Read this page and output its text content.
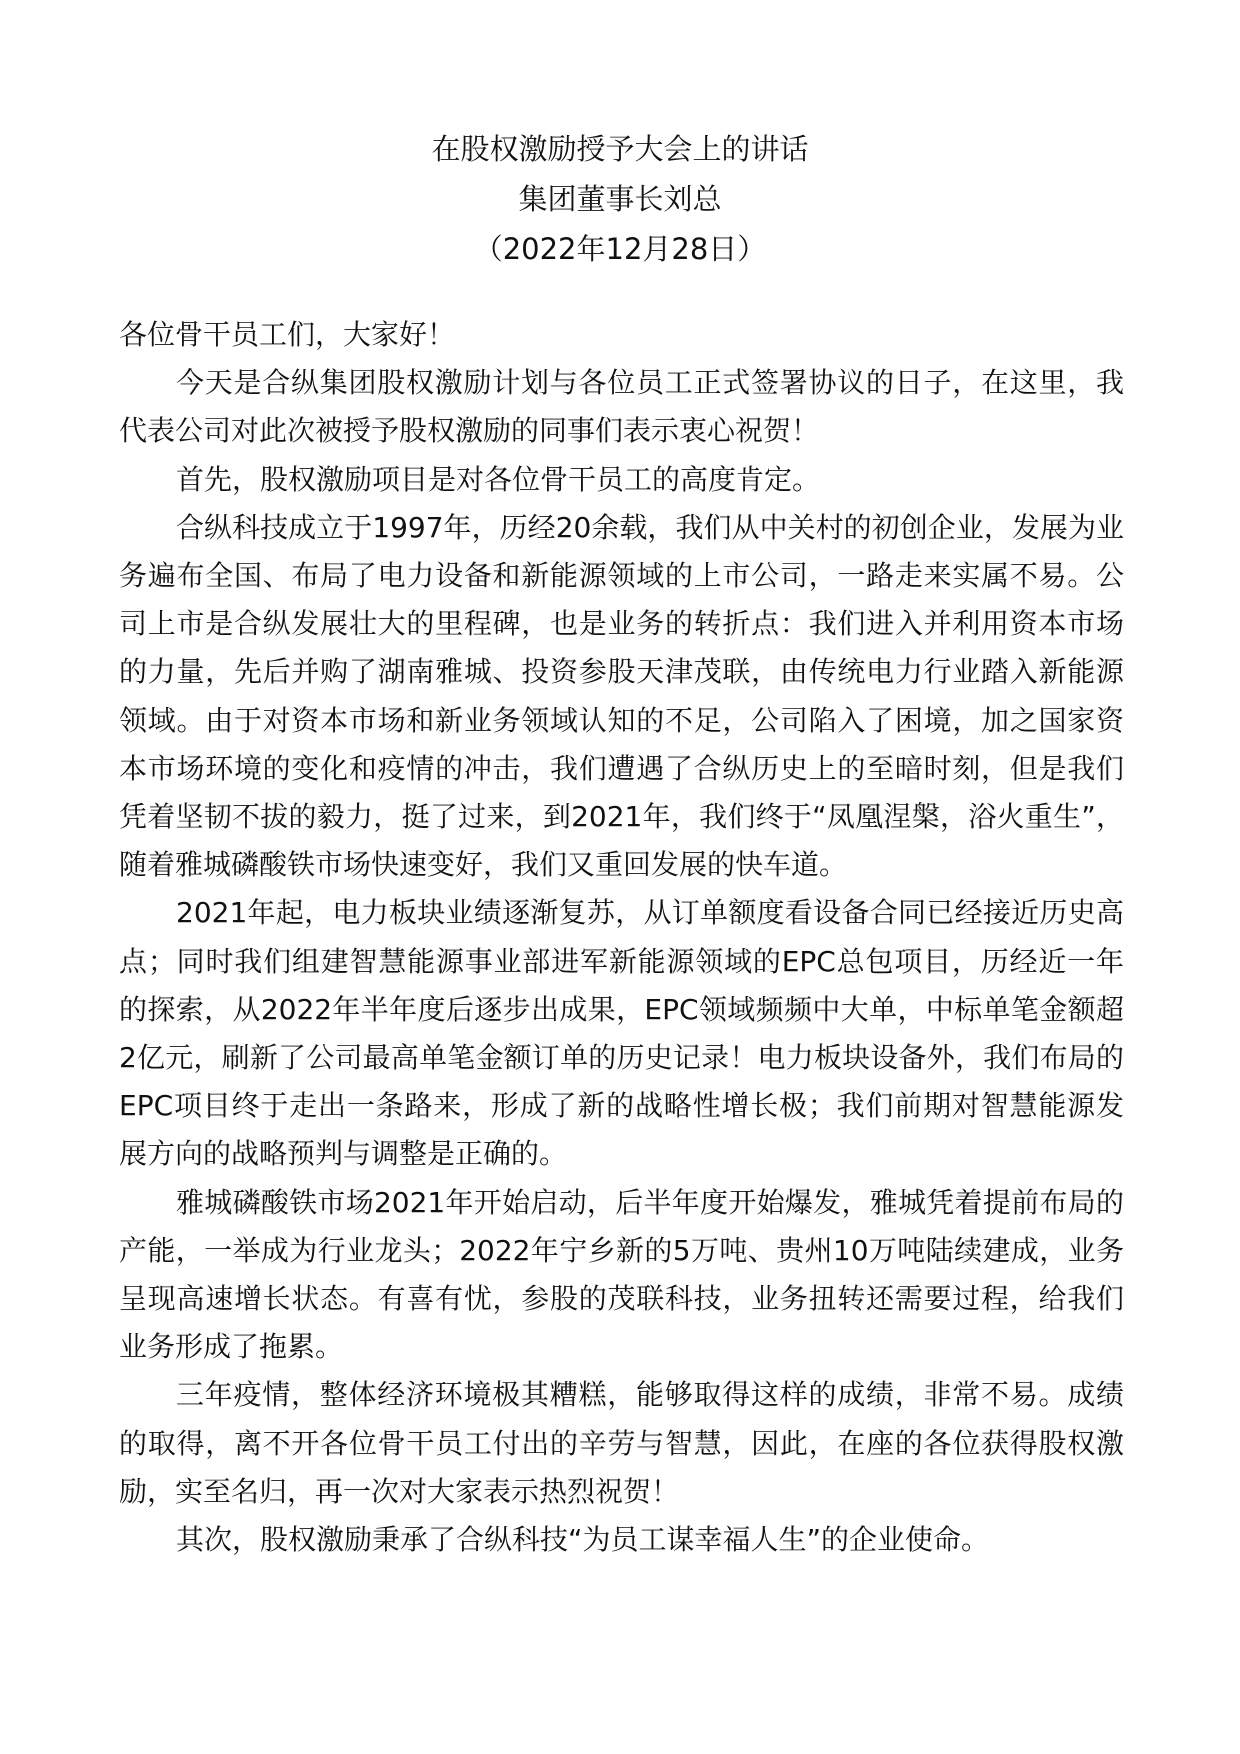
在股权激励授予大会上的讲话
集团董事长刘总
（2022年12月28日）

各位骨干员工们，大家好！

今天是合纵集团股权激励计划与各位员工正式签署协议的日子，在这里，我代表公司对此次被授予股权激励的同事们表示衷心祝贺！

首先，股权激励项目是对各位骨干员工的高度肯定。

合纵科技成立于1997年，历经20余载，我们从中关村的初创企业，发展为业务遍布全国、布局了电力设备和新能源领域的上市公司，一路走来实属不易。公司上市是合纵发展壮大的里程碑，也是业务的转折点：我们进入并利用资本市场的力量，先后并购了湖南雅城、投资参股天津茂联，由传统电力行业踏入新能源领域。由于对资本市场和新业务领域认知的不足，公司陷入了困境，加之国家资本市场环境的变化和疫情的冲击，我们遭遇了合纵历史上的至暗时刻，但是我们凭着坚韧不拔的毅力，挺了过来，到2021年，我们终于“凤凰涅槃，浴火重生”，随着雅城磷酸铁市场快速变好，我们又重回发展的快车道。

2021年起，电力板块业绩逐渐复苏，从订单额度看设备合同已经接近历史高点；同时我们组建智慧能源事业部进军新能源领域的EPC总包项目，历经近一年的探索，从2022年半年度后逐步出成果，EPC领域频频中大单，中标单笔金额超2亿元，刷新了公司最高单笔金额订单的历史记录！电力板块设备外，我们布局的EPC项目终于走出一条路来，形成了新的战略性增长极；我们前期对智慧能源发展方向的战略预判与调整是正确的。

雅城磷酸铁市场2021年开始启动，后半年度开始爆发，雅城凭着提前布局的产能，一举成为行业龙头；2022年宁乡新的5万吨、贵州10万吨陆续建成，业务呈现高速增长状态。有喜有忧，参股的茂联科技，业务扭转还需要过程，给我们业务形成了拖累。

三年疫情，整体经济环境极其糟糕，能够取得这样的成绩，非常不易。成绩的取得，离不开各位骨干员工付出的辛劳与智慧，因此，在座的各位获得股权激励，实至名归，再一次对大家表示热烈祝贺！

其次，股权激励秉承了合纵科技“为员工谋幸福人生”的企业使命。
